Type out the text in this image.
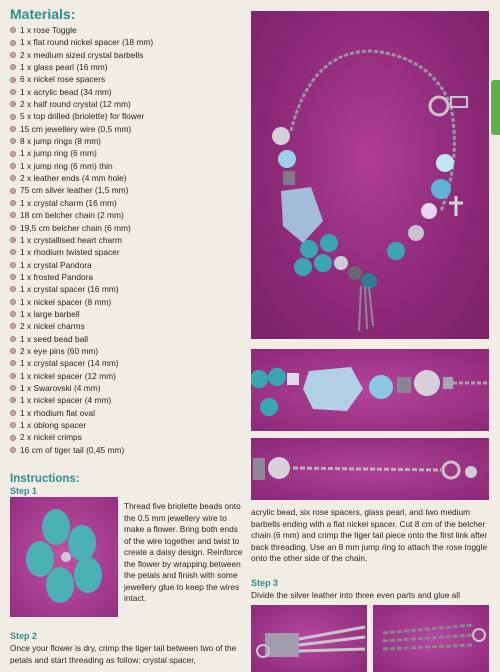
Materials:
1 x rose Toggle
1 x flat round nickel spacer (18 mm)
2 x medium sized crystal barbells
1 x glass pearl (16 mm)
6 x nickel rose spacers
1 x acrylic bead (34 mm)
2 x half round crystal (12 mm)
5 x top drilled (briolette) for flower
15 cm jewellery wire (0,5 mm)
8 x jump rings (8 mm)
1 x jump ring (6 mm)
1 x jump ring (6 mm) thin
2 x leather ends (4 mm hole)
75 cm silver leather (1,5 mm)
1 x crystal charm (16 mm)
18 cm belcher chain (2 mm)
19,5 cm belcher chain (6 mm)
1 x crystallised heart charm
1 x rhodium twisted spacer
1 x crystal Pandora
1 x frosted Pandora
1 x crystal spacer (16 mm)
1 x nickel spacer (8 mm)
1 x large barbell
2 x nickel charms
1 x seed bead ball
2 x eye pins (60 mm)
1 x crystal spacer (14 mm)
1 x nickel spacer (12 mm)
1 x Swarovski (4 mm)
1 x nickel spacer (4 mm)
1 x rhodium flat oval
1 x oblong spacer
2 x nickel crimps
16 cm of tiger tail (0,45 mm)
Instructions:
Step 1
Thread five briolette beads onto the 0.5 mm jewellery wire to make a flower. Bring both ends of the wire together and twist to create a daisy design. Reinforce the flower by wrapping between the petals and finish with some jewellery glue to keep the wires intact.
Step 2
Once your flower is dry, crimp the tiger tail between two of the petals and start threading as follow: crystal spacer,
acrylic bead, six rose spacers, glass pearl, and two medium barbells ending with a flat nickel spacer. Cut 8 cm of the belcher chain (6 mm) and crimp the tiger tail piece onto the first link after back threading. Use an 8 mm jump ring to attach the rose toggle onto the other side of the chain.
Step 3
Divide the silver leather into three even parts and glue all
